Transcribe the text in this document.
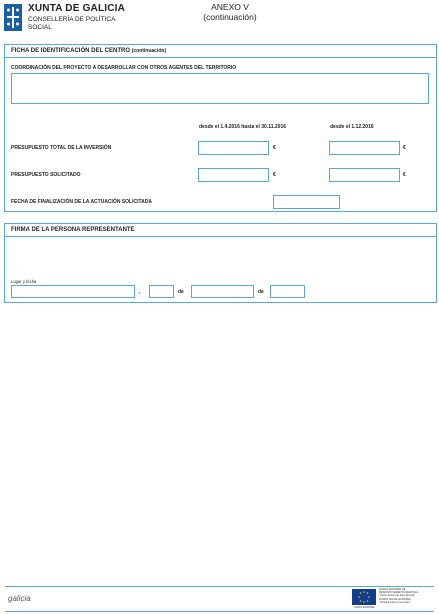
XUNTA DE GALICIA
CONSELLERÍA DE POLÍTICA
SOCIAL
ANEXO V
(continuación)
FICHA DE IDENTIFICACIÓN DEL CENTRO (continuación)
COORDINACIÓN DEL PROYECTO A DESARROLLAR CON OTROS AGENTES DEL TERRITORIO
desde el 1.4.2016 hasta el 30.11.2016	desde el 1.12.2016
PRESUPUESTO TOTAL DE LA INVERSIÓN	€	€
PRESUPUESTO SOLICITADO	€	€
FECHA DE FINALIZACIÓN DE LA ACTUACIÓN SOLICITADA
FIRMA DE LA PERSONA REPRESENTANTE
Lugar y fecha
,	de	de
galicia
FONDO EUROPEO DE
DESENVOLVEMENTO REXIONAL
"Unha maneira de facer Europa"
FONDO SOCIAL EUROPEO
"O FSE inviste no teu futuro"
UNIÓN EUROPEA
